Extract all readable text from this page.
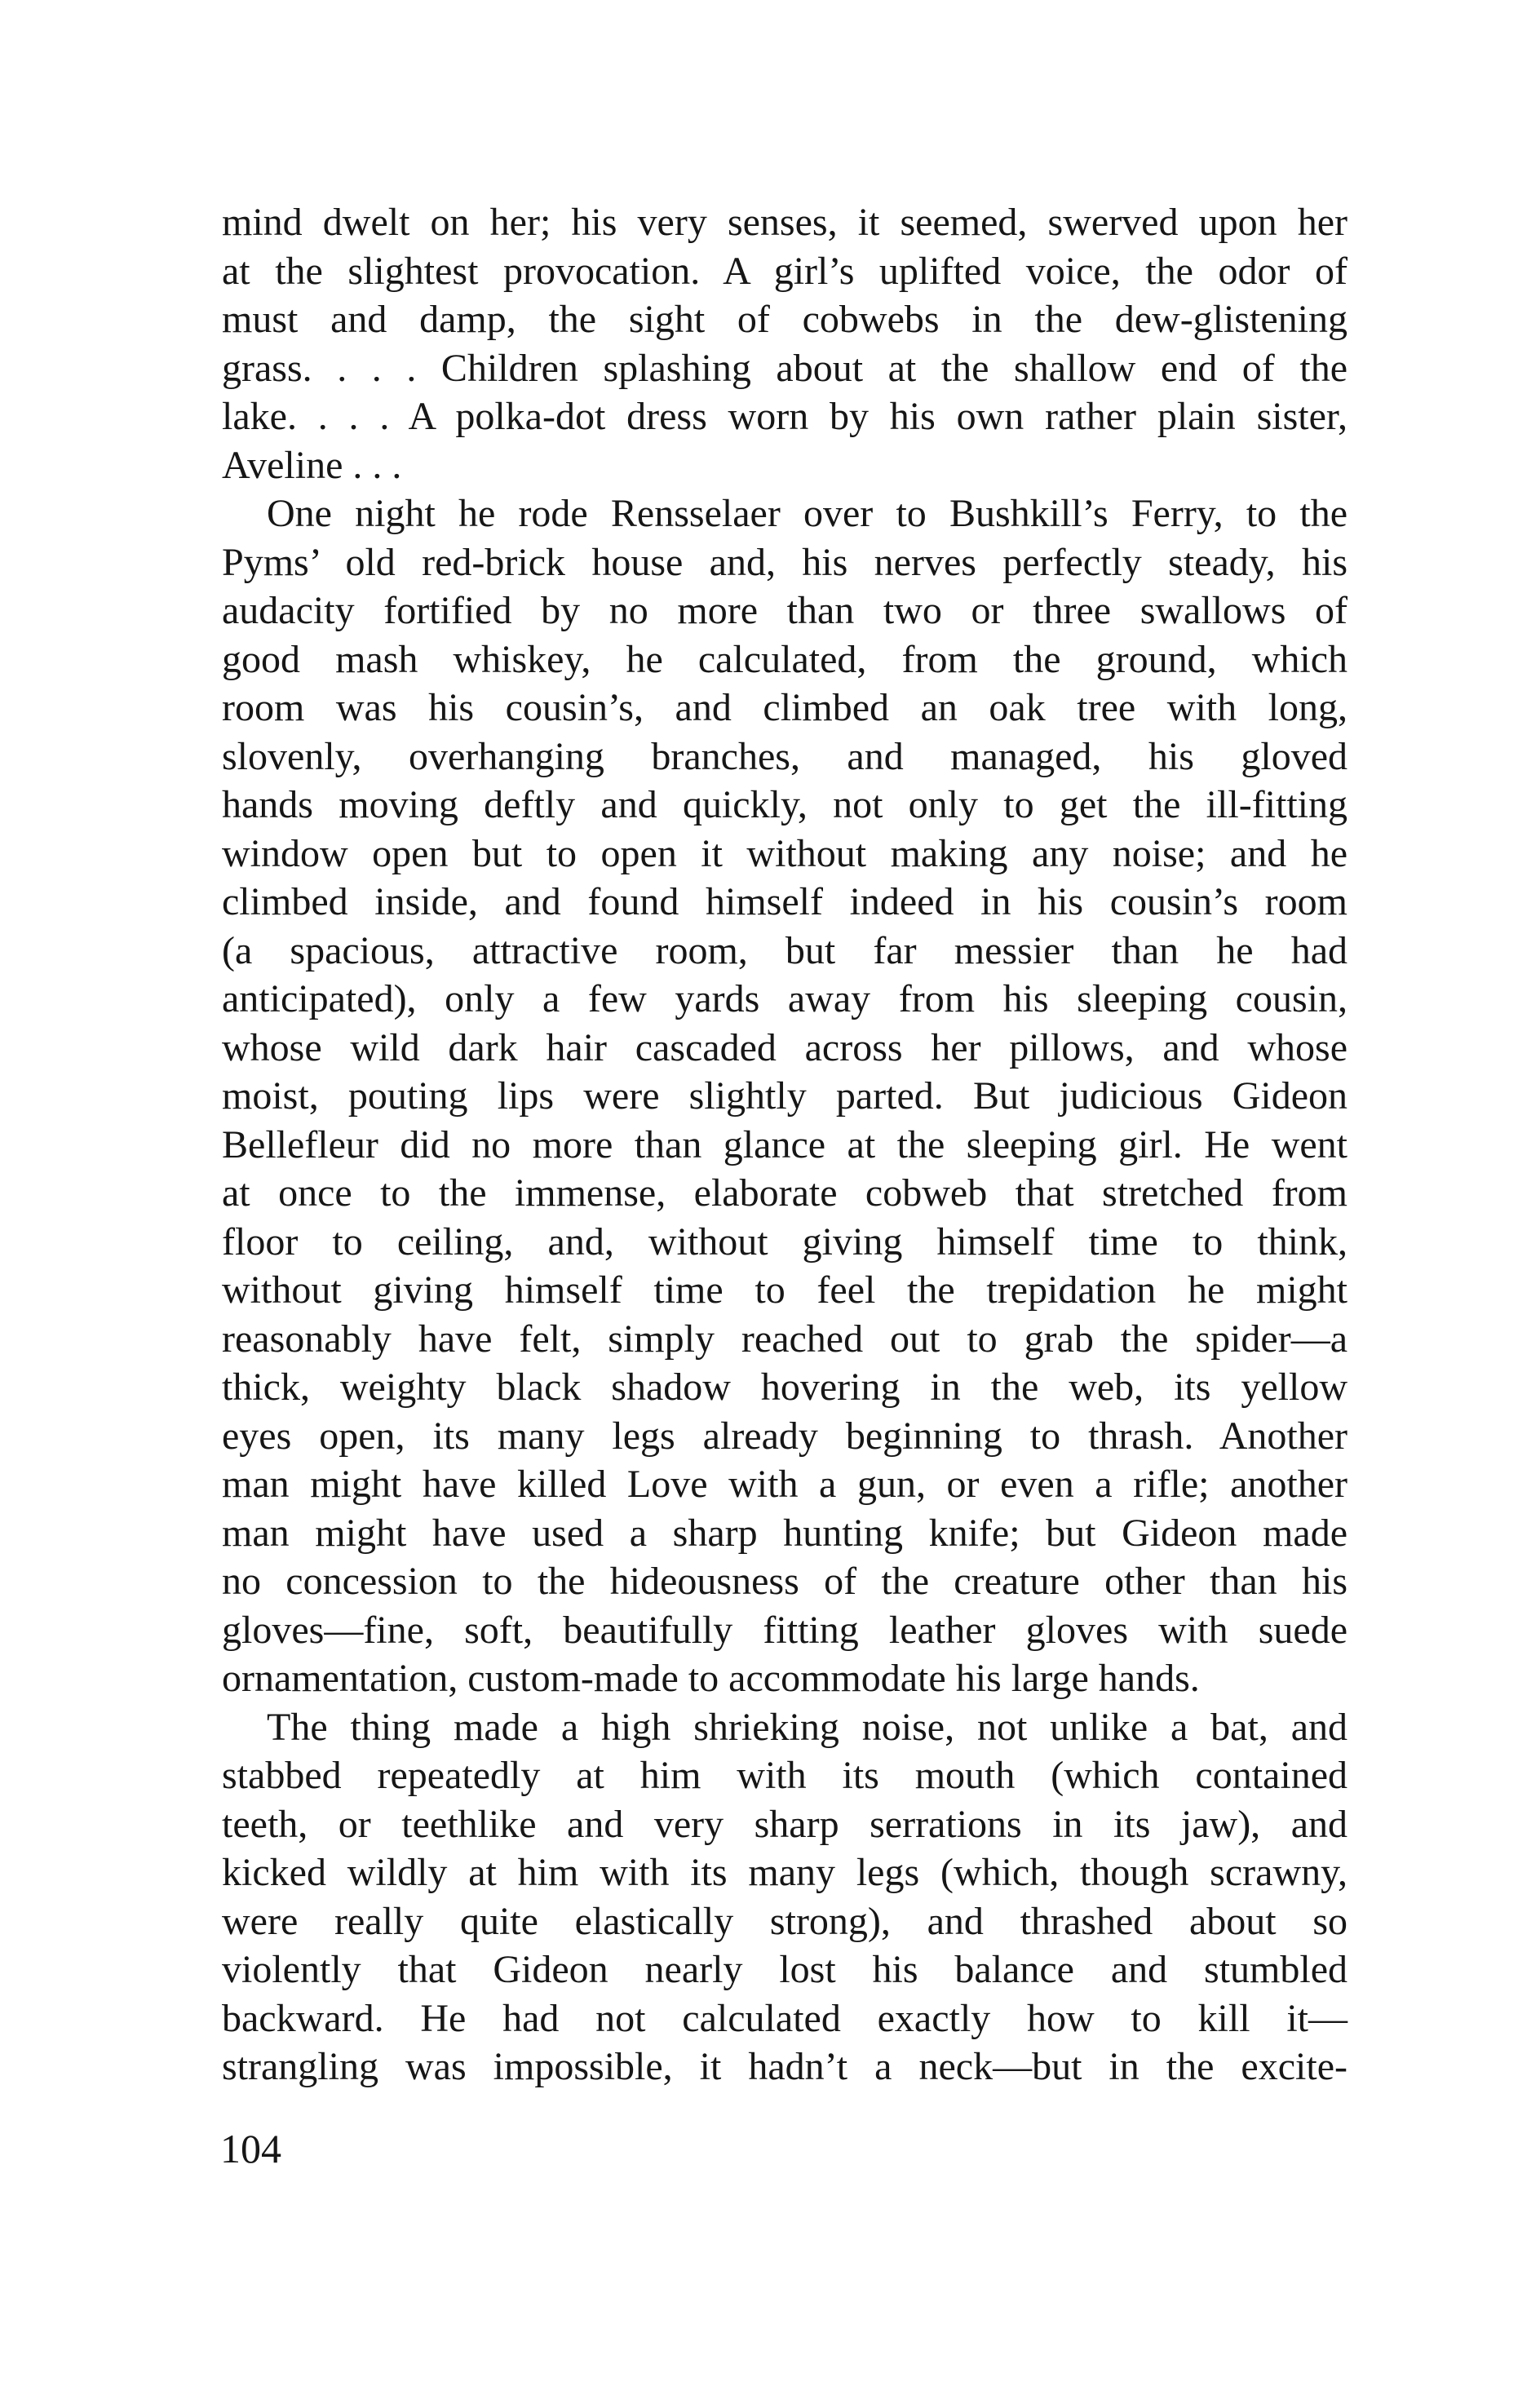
mind dwelt on her; his very senses, it seemed, swerved upon her
at the slightest provocation. A girl’s uplifted voice, the odor of
must and damp, the sight of cobwebs in the dew-glistening
grass. . . . Children splashing about at the shallow end of the
lake. . . . A polka-dot dress worn by his own rather plain sister,
Aveline . . .
One night he rode Rensselaer over to Bushkill’s Ferry, to the
Pyms’ old red-brick house and, his nerves perfectly steady, his
audacity fortified by no more than two or three swallows of
good mash whiskey, he calculated, from the ground, which
room was his cousin’s, and climbed an oak tree with long,
slovenly, overhanging branches, and managed, his gloved
hands moving deftly and quickly, not only to get the ill-fitting
window open but to open it without making any noise; and he
climbed inside, and found himself indeed in his cousin’s room
(a spacious, attractive room, but far messier than he had
anticipated), only a few yards away from his sleeping cousin,
whose wild dark hair cascaded across her pillows, and whose
moist, pouting lips were slightly parted. But judicious Gideon
Bellefleur did no more than glance at the sleeping girl. He went
at once to the immense, elaborate cobweb that stretched from
floor to ceiling, and, without giving himself time to think,
without giving himself time to feel the trepidation he might
reasonably have felt, simply reached out to grab the spider—a
thick, weighty black shadow hovering in the web, its yellow
eyes open, its many legs already beginning to thrash. Another
man might have killed Love with a gun, or even a rifle; another
man might have used a sharp hunting knife; but Gideon made
no concession to the hideousness of the creature other than his
gloves—fine, soft, beautifully fitting leather gloves with suede
ornamentation, custom-made to accommodate his large hands.
The thing made a high shrieking noise, not unlike a bat, and
stabbed repeatedly at him with its mouth (which contained
teeth, or teethlike and very sharp serrations in its jaw), and
kicked wildly at him with its many legs (which, though scrawny,
were really quite elastically strong), and thrashed about so
violently that Gideon nearly lost his balance and stumbled
backward. He had not calculated exactly how to kill it—
strangling was impossible, it hadn’t a neck—but in the excite-
104
